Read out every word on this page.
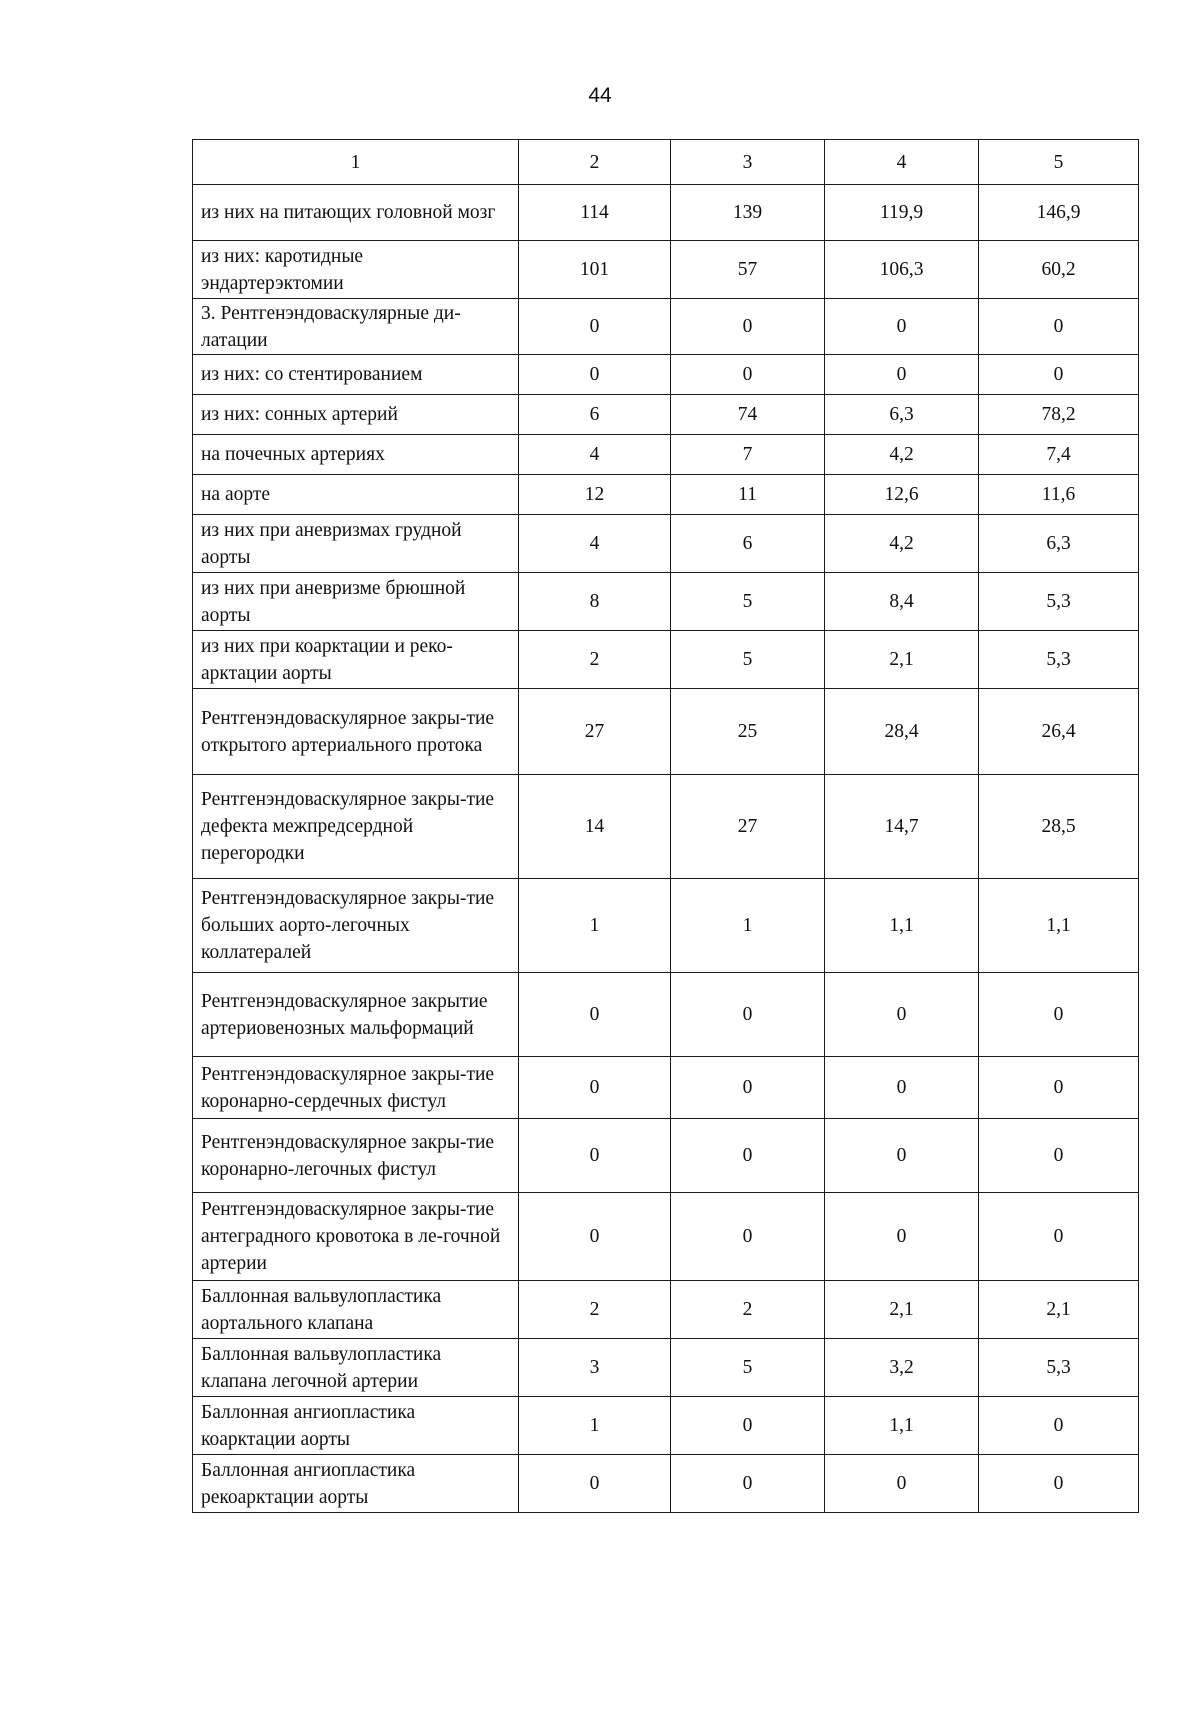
44
1	2	3	4	5
из них на питающих головной мозг	114	139	119,9	146,9
из них: каротидные эндартерэктомии	101	57	106,3	60,2
3. Рентгенэндоваскулярные ди-латации	0	0	0	0
из них: со стентированием	0	0	0	0
из них: сонных артерий	6	74	6,3	78,2
на почечных артериях	4	7	4,2	7,4
на аорте	12	11	12,6	11,6
из них при аневризмах грудной аорты	4	6	4,2	6,3
из них при аневризме брюшной аорты	8	5	8,4	5,3
из них при коарктации и реко-арктации аорты	2	5	2,1	5,3
Рентгенэндоваскулярное закры-тие открытого артериального протока	27	25	28,4	26,4
Рентгенэндоваскулярное закры-тие дефекта межпредсердной перегородки	14	27	14,7	28,5
Рентгенэндоваскулярное закры-тие больших аорто-легочных коллатералей	1	1	1,1	1,1
Рентгенэндоваскулярное закрытие артериовенозных мальформаций	0	0	0	0
Рентгенэндоваскулярное закры-тие коронарно-сердечных фистул	0	0	0	0
Рентгенэндоваскулярное закры-тие коронарно-легочных фистул	0	0	0	0
Рентгенэндоваскулярное закры-тие антеградного кровотока в ле-гочной артерии	0	0	0	0
Баллонная вальвулопластика аортального клапана	2	2	2,1	2,1
Баллонная вальвулопластика клапана легочной артерии	3	5	3,2	5,3
Баллонная ангиопластика коарктации аорты	1	0	1,1	0
Баллонная ангиопластика рекоарктации аорты	0	0	0	0
